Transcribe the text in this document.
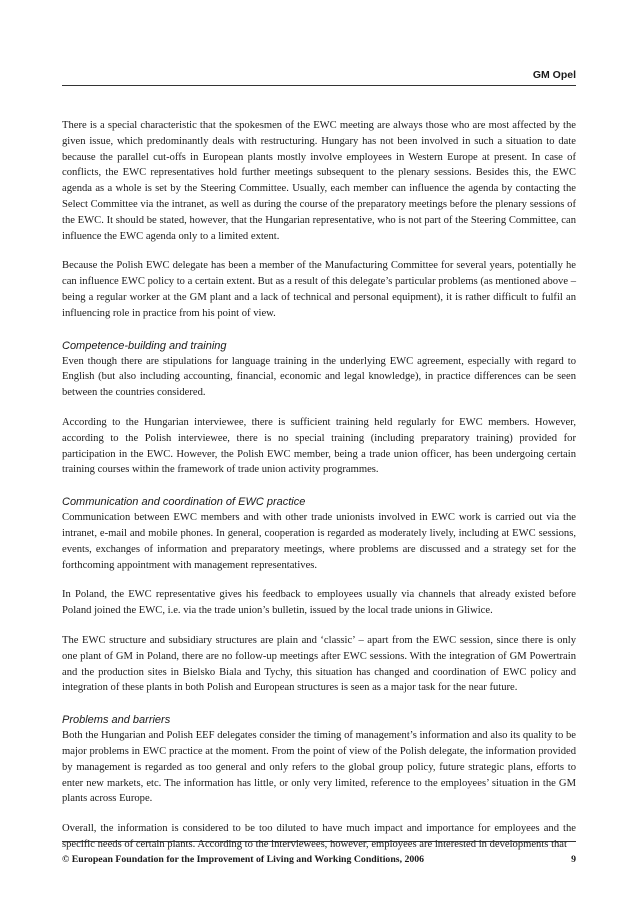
GM Opel

There is a special characteristic that the spokesmen of the EWC meeting are always those who are most affected by the given issue, which predominantly deals with restructuring. Hungary has not been involved in such a situation to date because the parallel cut-offs in European plants mostly involve employees in Western Europe at present. In case of conflicts, the EWC representatives hold further meetings subsequent to the plenary sessions. Besides this, the EWC agenda as a whole is set by the Steering Committee. Usually, each member can influence the agenda by contacting the Select Committee via the intranet, as well as during the course of the preparatory meetings before the plenary sessions of the EWC. It should be stated, however, that the Hungarian representative, who is not part of the Steering Committee, can influence the EWC agenda only to a limited extent.

Because the Polish EWC delegate has been a member of the Manufacturing Committee for several years, potentially he can influence EWC policy to a certain extent. But as a result of this delegate’s particular problems (as mentioned above – being a regular worker at the GM plant and a lack of technical and personal equipment), it is rather difficult to fulfil an influencing role in practice from his point of view.

Competence-building and training

Even though there are stipulations for language training in the underlying EWC agreement, especially with regard to English (but also including accounting, financial, economic and legal knowledge), in practice differences can be seen between the countries considered.

According to the Hungarian interviewee, there is sufficient training held regularly for EWC members. However, according to the Polish interviewee, there is no special training (including preparatory training) provided for participation in the EWC. However, the Polish EWC member, being a trade union officer, has been undergoing certain training courses within the framework of trade union activity programmes.

Communication and coordination of EWC practice

Communication between EWC members and with other trade unionists involved in EWC work is carried out via the intranet, e-mail and mobile phones. In general, cooperation is regarded as moderately lively, including at EWC sessions, events, exchanges of information and preparatory meetings, where problems are discussed and a strategy set for the forthcoming appointment with management representatives.

In Poland, the EWC representative gives his feedback to employees usually via channels that already existed before Poland joined the EWC, i.e. via the trade union’s bulletin, issued by the local trade unions in Gliwice.

The EWC structure and subsidiary structures are plain and ‘classic’ – apart from the EWC session, since there is only one plant of GM in Poland, there are no follow-up meetings after EWC sessions. With the integration of GM Powertrain and the production sites in Bielsko Biala and Tychy, this situation has changed and coordination of EWC policy and integration of these plants in both Polish and European structures is seen as a major task for the near future.

Problems and barriers

Both the Hungarian and Polish EEF delegates consider the timing of management’s information and also its quality to be major problems in EWC practice at the moment. From the point of view of the Polish delegate, the information provided by management is regarded as too general and only refers to the global group policy, future strategic plans, efforts to enter new markets, etc. The information has little, or only very limited, reference to the employees’ situation in the GM plants across Europe.

Overall, the information is considered to be too diluted to have much impact and importance for employees and the specific needs of certain plants. According to the interviewees, however, employees are interested in developments that

© European Foundation for the Improvement of Living and Working Conditions, 2006	9
